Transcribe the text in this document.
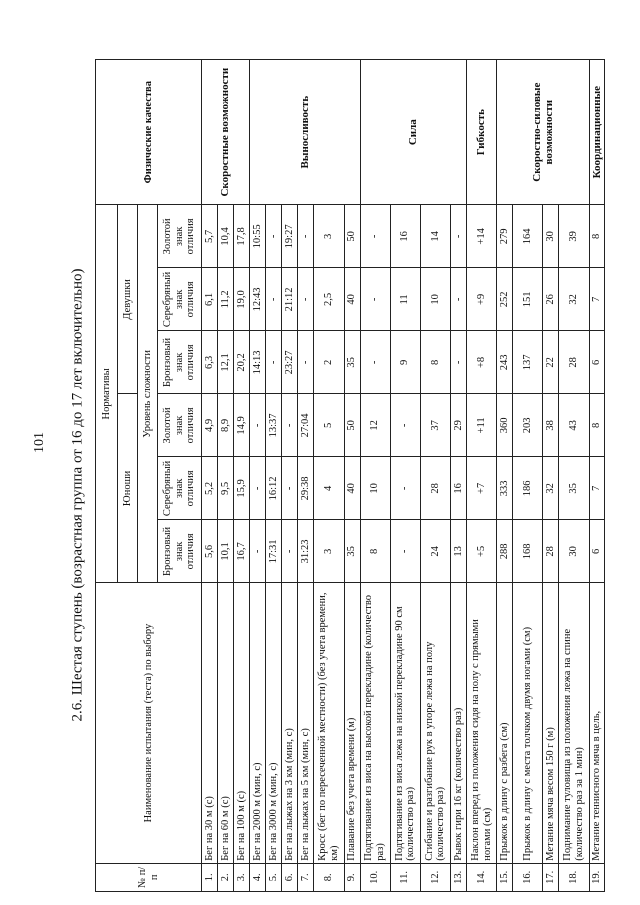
101 2.6. Шестая ступень (возрастная группа от 16 до 17 лет включительно)
№ п/п	Наименование испытания (теста) по выбору	Нормативы						Физические качества
		Юноши			Девушки			
		Уровень сложности						
		Бронзовый знак отличия	Серебряный знак отличия	Золотой знак отличия	Бронзовый знак отличия	Серебряный знак отличия	Золотой знак отличия	
1.	Бег на 30 м (с)	5,6	5,2	4,9	6,3	6,1	5,7	Скоростные возможности
2.	Бег на 60 м (с)	10,1	9,5	8,9	12,1	11,2	10,4	
3.	Бег на 100 м (с)	16,7	15,9	14,9	20,2	19,0	17,8	
4.	Бег на 2000 м (мин, с)	-	-	-	14:13	12:43	10:55	Выносливость
5.	Бег на 3000 м (мин, с)	17:31	16:12	13:37	-	-	-	
6.	Бег на лыжах на 3 км (мин, с)	-	-	-	23:27	21:12	19:27	
7.	Бег на лыжах на 5 км (мин, с)	31:23	29:38	27:04	-	-	-	
8.	Кросс (бег по пересеченной местности) (без учета времени, км)	3	4	5	2	2,5	3	
9.	Плавание без учета времени (м)	35	40	50	35	40	50	
10.	Подтягивание из виса на высокой перекладине (количество раз)	8	10	12	-	-	-	Сила
11.	Подтягивание из виса лежа на низкой перекладине 90 см (количество раз)	-	-	-	9	11	16	
12.	Сгибание и разгибание рук в упоре лежа на полу (количество раз)	24	28	37	8	10	14	
13.	Рывок гири 16 кг (количество раз)	13	16	29	-	-	-	
14.	Наклон вперед из положения сидя на полу с прямыми ногами (см)	+5	+7	+11	+8	+9	+14	Гибкость
15.	Прыжок в длину с разбега (см)	288	333	360	243	252	279	Скоростно-силовые возможности
16.	Прыжок в длину с места толчком двумя ногами (см)	168	186	203	137	151	164	
17.	Метание мяча весом 150 г (м)	28	32	38	22	26	30	
18.	Поднимание туловища из положения лежа на спине (количество раз за 1 мин)	30	35	43	28	32	39	
19.	Метание теннисного мяча в цель,	6	7	8	6	7	8	Координационные
